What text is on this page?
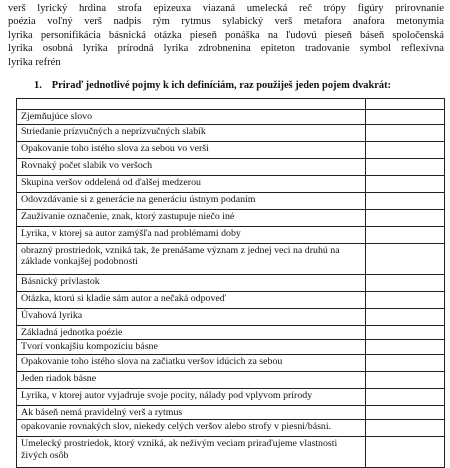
verš lyrický hrdina strofa epizeuxa viazaná umelecká reč trópy figúry prirovnanie
poézia voľný verš nadpis rým rytmus sylabický verš metafora anafora metonymia
lyrika personifikácia básnická otázka pieseň ponáška na ľudovú pieseň báseň spoločenská
lyrika osobná lyrika prírodná lyrika zdrobnenina epiteton tradovanie symbol reflexívna
lyrika refrén
1. Priraď jednotlivé pojmy k ich definíciám, raz použiješ jeden pojem dvakrát:

Zjemňujúce slovo	
Striedanie prízvučných a neprízvučných slabík	
Opakovanie toho istého slova za sebou vo verši	
Rovnaký počet slabík vo veršoch	
Skupina veršov oddelená od ďalšej medzerou	
Odovzdávanie si z generácie na generáciu ústnym podaním	
Zaužívanie označenie, znak, ktorý zastupuje niečo iné	
Lyrika, v ktorej sa autor zamýšľa nad problémami doby	
obrazný prostriedok, vzniká tak, že prenášame význam z jednej veci na druhú na základe vonkajšej podobnosti	
Básnický prívlastok	
Otázka, ktorú si kladie sám autor a nečaká odpoveď	
Úvahová lyrika	
Základná jednotka poézie	
Tvorí vonkajšiu kompozíciu básne	
Opakovanie toho istého slova na začiatku veršov idúcich za sebou	
Jeden riadok básne	
Lyrika, v ktorej autor vyjadruje svoje pocity, nálady pod vplyvom prírody	
Ak báseň nemá pravidelný verš a rytmus	
opakovanie rovnakých slov, niekedy celých veršov alebo strofy v piesni/básni.	
Umelecký prostriedok, ktorý vzniká, ak neživým veciam priraďujeme vlastnosti živých osôb	
